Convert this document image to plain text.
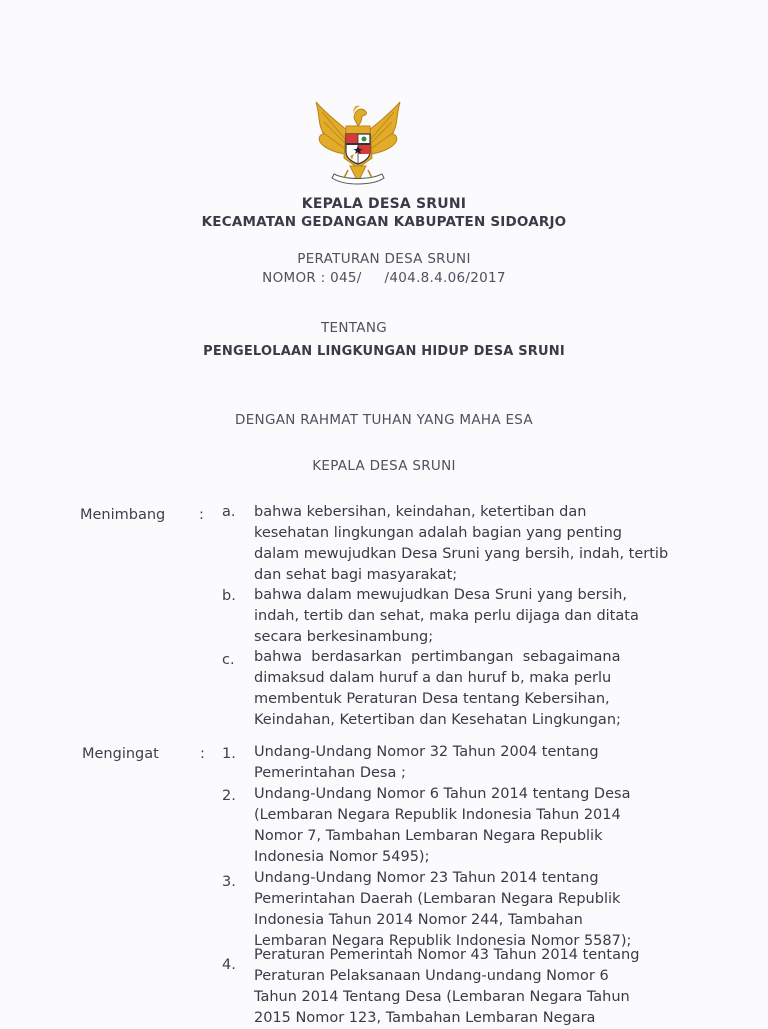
KEPALA DESA SRUNI
KECAMATAN GEDANGAN KABUPATEN SIDOARJO
PERATURAN DESA SRUNI
NOMOR : 045/     /404.8.4.06/2017
TENTANG
PENGELOLAAN LINGKUNGAN HIDUP DESA SRUNI
DENGAN RAHMAT TUHAN YANG MAHA ESA
KEPALA DESA SRUNI
Menimbang : a. bahwa kebersihan, keindahan, ketertiban dan
kesehatan lingkungan adalah bagian yang penting
dalam mewujudkan Desa Sruni yang bersih, indah, tertib
dan sehat bagi masyarakat;
b. bahwa dalam mewujudkan Desa Sruni yang bersih,
indah, tertib dan sehat, maka perlu dijaga dan ditata
secara berkesinambung;
c. bahwa  berdasarkan  pertimbangan  sebagaimana
dimaksud dalam huruf a dan huruf b, maka perlu
membentuk Peraturan Desa tentang Kebersihan,
Keindahan, Ketertiban dan Kesehatan Lingkungan;
Mengingat	: 1. Undang-Undang Nomor 32 Tahun 2004 tentang
Pemerintahan Desa ;
2. Undang-Undang Nomor 6 Tahun 2014 tentang Desa
(Lembaran Negara Republik Indonesia Tahun 2014
Nomor 7, Tambahan Lembaran Negara Republik
Indonesia Nomor 5495);
3. Undang-Undang Nomor 23 Tahun 2014 tentang
Pemerintahan Daerah (Lembaran Negara Republik
Indonesia Tahun 2014 Nomor 244, Tambahan
Lembaran Negara Republik Indonesia Nomor 5587);
4.
Peraturan Pemerintah Nomor 43 Tahun 2014 tentang
Peraturan Pelaksanaan Undang-undang Nomor 6
Tahun 2014 Tentang Desa (Lembaran Negara Tahun
2015 Nomor 123, Tambahan Lembaran Negara
